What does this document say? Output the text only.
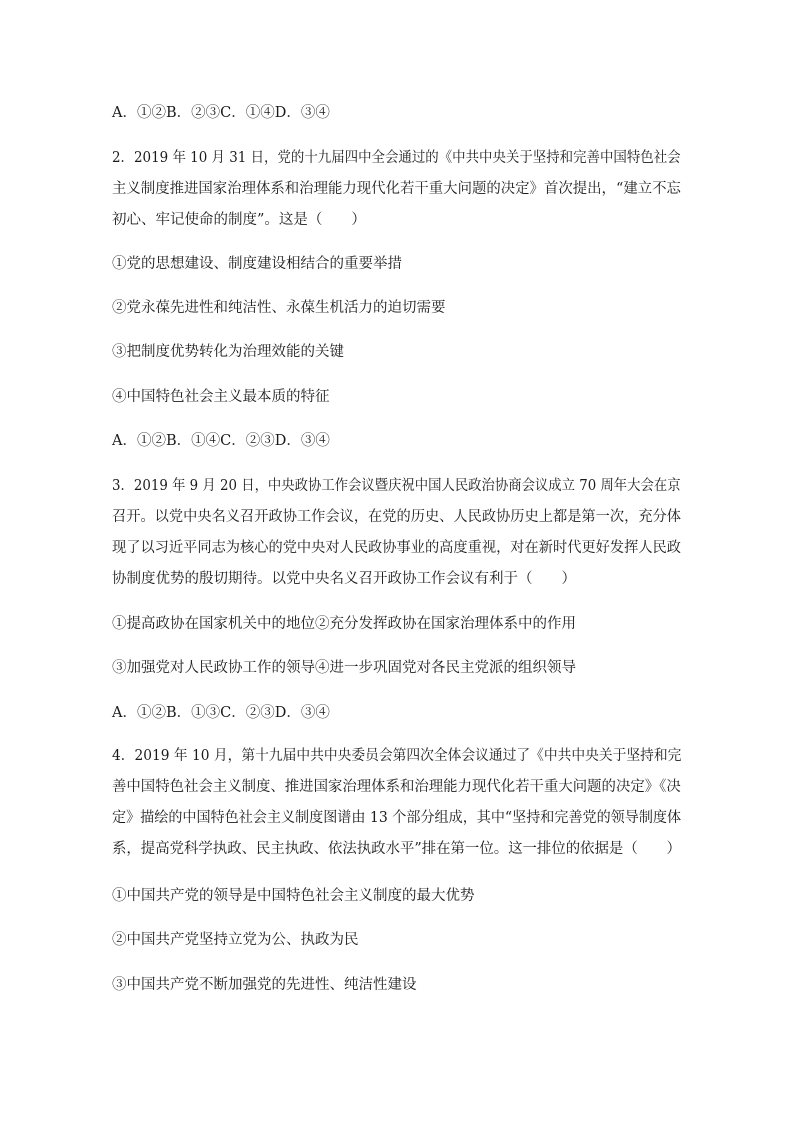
A．①②B．②③C．①④D．③④
2．2019 年 10 月 31 日，党的十九届四中全会通过的《中共中央关于坚持和完善中国特色社会
主义制度推进国家治理体系和治理能力现代化若干重大问题的决定》首次提出，“建立不忘
初心、牢记使命的制度”。这是（　　）
①党的思想建设、制度建设相结合的重要举措
②党永葆先进性和纯洁性、永葆生机活力的迫切需要
③把制度优势转化为治理效能的关键
④中国特色社会主义最本质的特征
A．①②B．①④C．②③D．③④
3．2019 年 9 月 20 日，中央政协工作会议暨庆祝中国人民政治协商会议成立 70 周年大会在京
召开。以党中央名义召开政协工作会议，在党的历史、人民政协历史上都是第一次，充分体
现了以习近平同志为核心的党中央对人民政协事业的高度重视，对在新时代更好发挥人民政
协制度优势的殷切期待。以党中央名义召开政协工作会议有利于（　　）
①提高政协在国家机关中的地位②充分发挥政协在国家治理体系中的作用
③加强党对人民政协工作的领导④进一步巩固党对各民主党派的组织领导
A．①②B．①③C．②③D．③④
4．2019 年 10 月，第十九届中共中央委员会第四次全体会议通过了《中共中央关于坚持和完
善中国特色社会主义制度、推进国家治理体系和治理能力现代化若干重大问题的决定》《决
定》描绘的中国特色社会主义制度图谱由 13 个部分组成，其中“坚持和完善党的领导制度体
系，提高党科学执政、民主执政、依法执政水平”排在第一位。这一排位的依据是（　　）
①中国共产党的领导是中国特色社会主义制度的最大优势
②中国共产党坚持立党为公、执政为民
③中国共产党不断加强党的先进性、纯洁性建设
